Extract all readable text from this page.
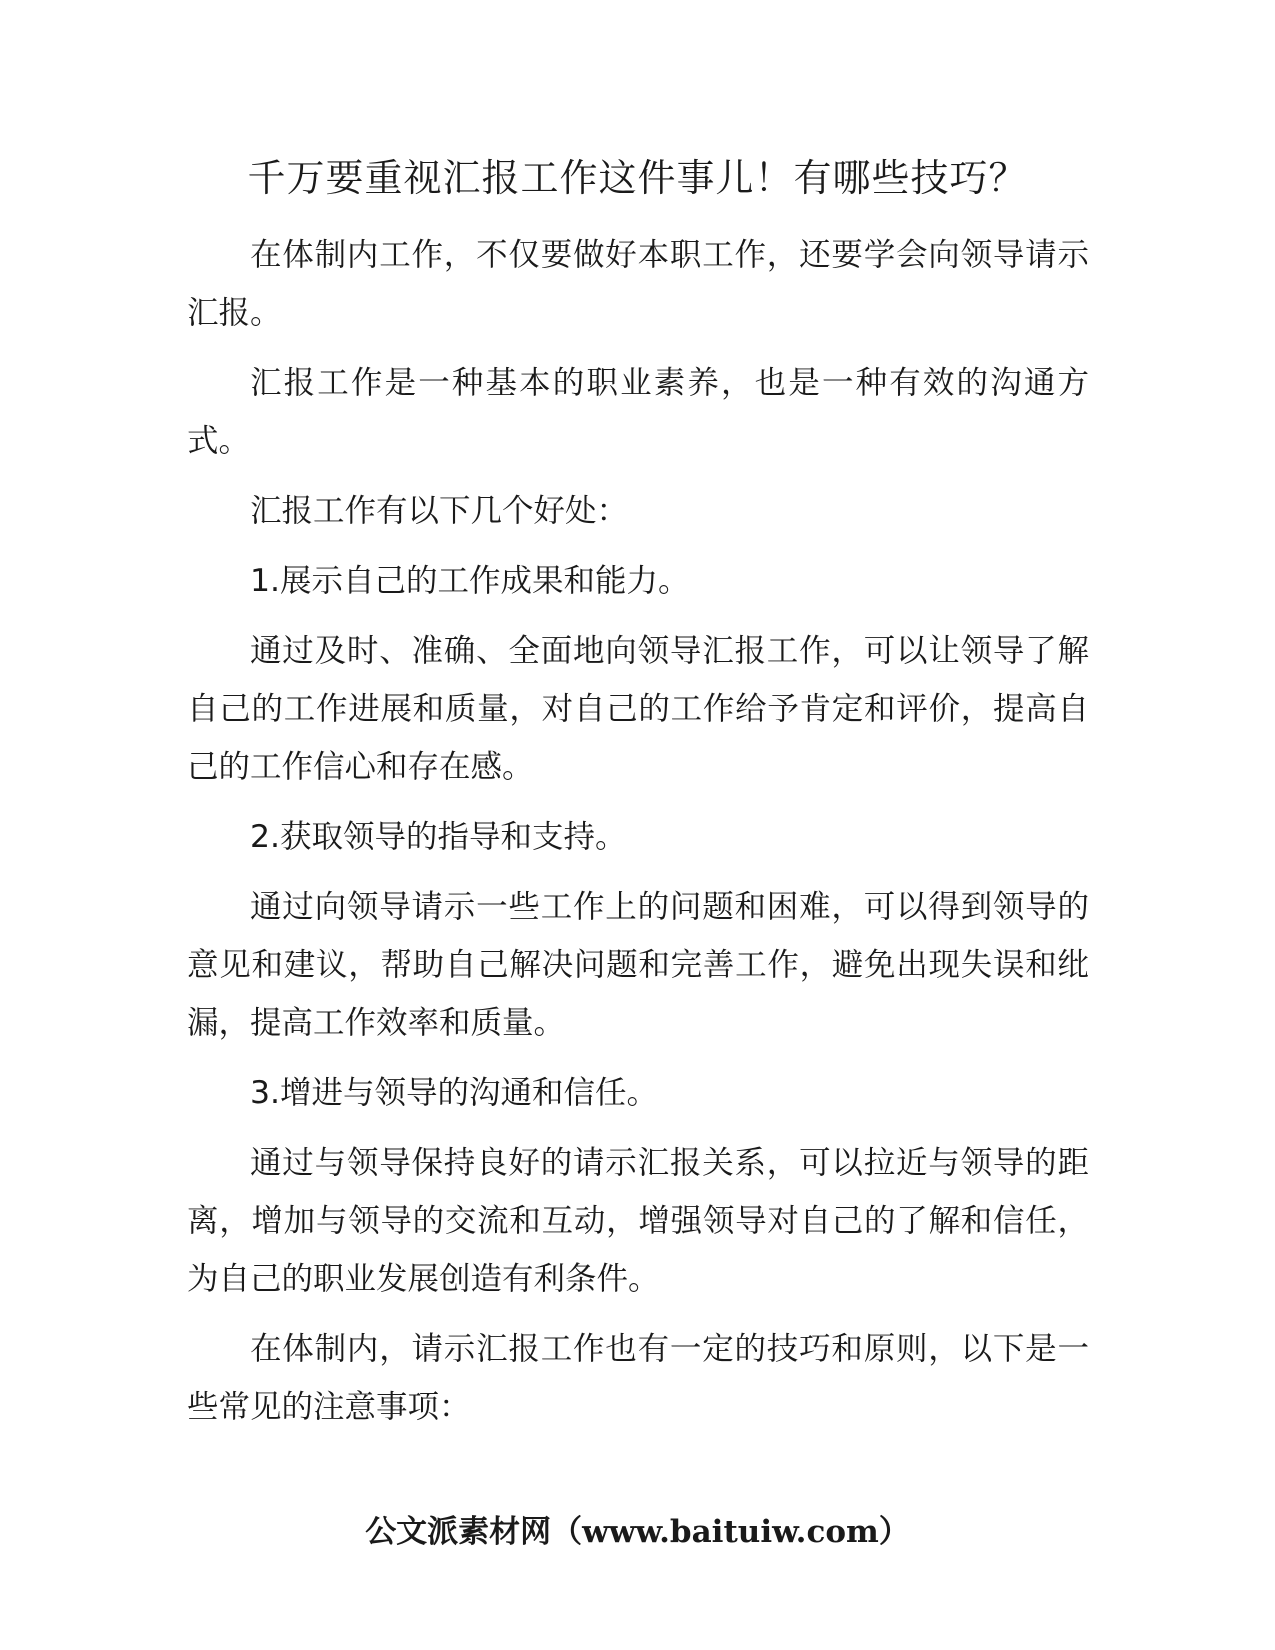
千万要重视汇报工作这件事儿！有哪些技巧？

在体制内工作，不仅要做好本职工作，还要学会向领导请示汇报。

汇报工作是一种基本的职业素养，也是一种有效的沟通方式。

汇报工作有以下几个好处：

1.展示自己的工作成果和能力。

通过及时、准确、全面地向领导汇报工作，可以让领导了解自己的工作进展和质量，对自己的工作给予肯定和评价，提高自己的工作信心和存在感。

2.获取领导的指导和支持。

通过向领导请示一些工作上的问题和困难，可以得到领导的意见和建议，帮助自己解决问题和完善工作，避免出现失误和纰漏，提高工作效率和质量。

3.增进与领导的沟通和信任。

通过与领导保持良好的请示汇报关系，可以拉近与领导的距离，增加与领导的交流和互动，增强领导对自己的了解和信任，为自己的职业发展创造有利条件。

在体制内，请示汇报工作也有一定的技巧和原则，以下是一些常见的注意事项：

公文派素材网（www.baituiw.com）
